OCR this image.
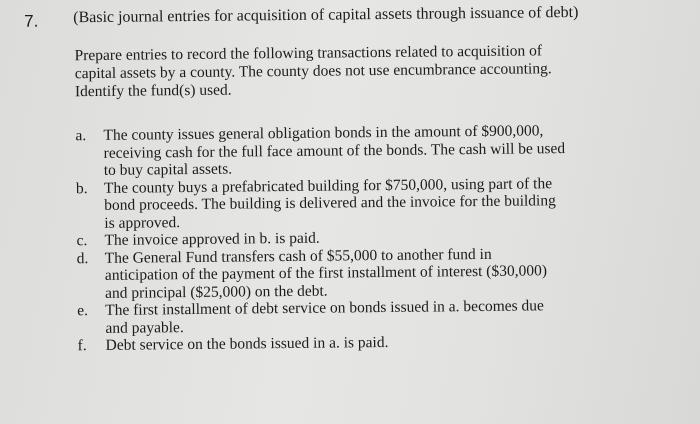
7. (Basic journal entries for acquisition of capital assets through issuance of debt)
Prepare entries to record the following transactions related to acquisition of
capital assets by a county. The county does not use encumbrance accounting.
Identify the fund(s) used.
a.	The county issues general obligation bonds in the amount of $900,000,
receiving cash for the full face amount of the bonds. The cash will be used
to buy capital assets.
b.	The county buys a prefabricated building for $750,000, using part of the
bond proceeds. The building is delivered and the invoice for the building
is approved.
c.	The invoice approved in b. is paid.
d.	The General Fund transfers cash of $55,000 to another fund in
anticipation of the payment of the first installment of interest ($30,000)
and principal ($25,000) on the debt.
e.	The first installment of debt service on bonds issued in a. becomes due
and payable.
f.	Debt service on the bonds issued in a. is paid.
